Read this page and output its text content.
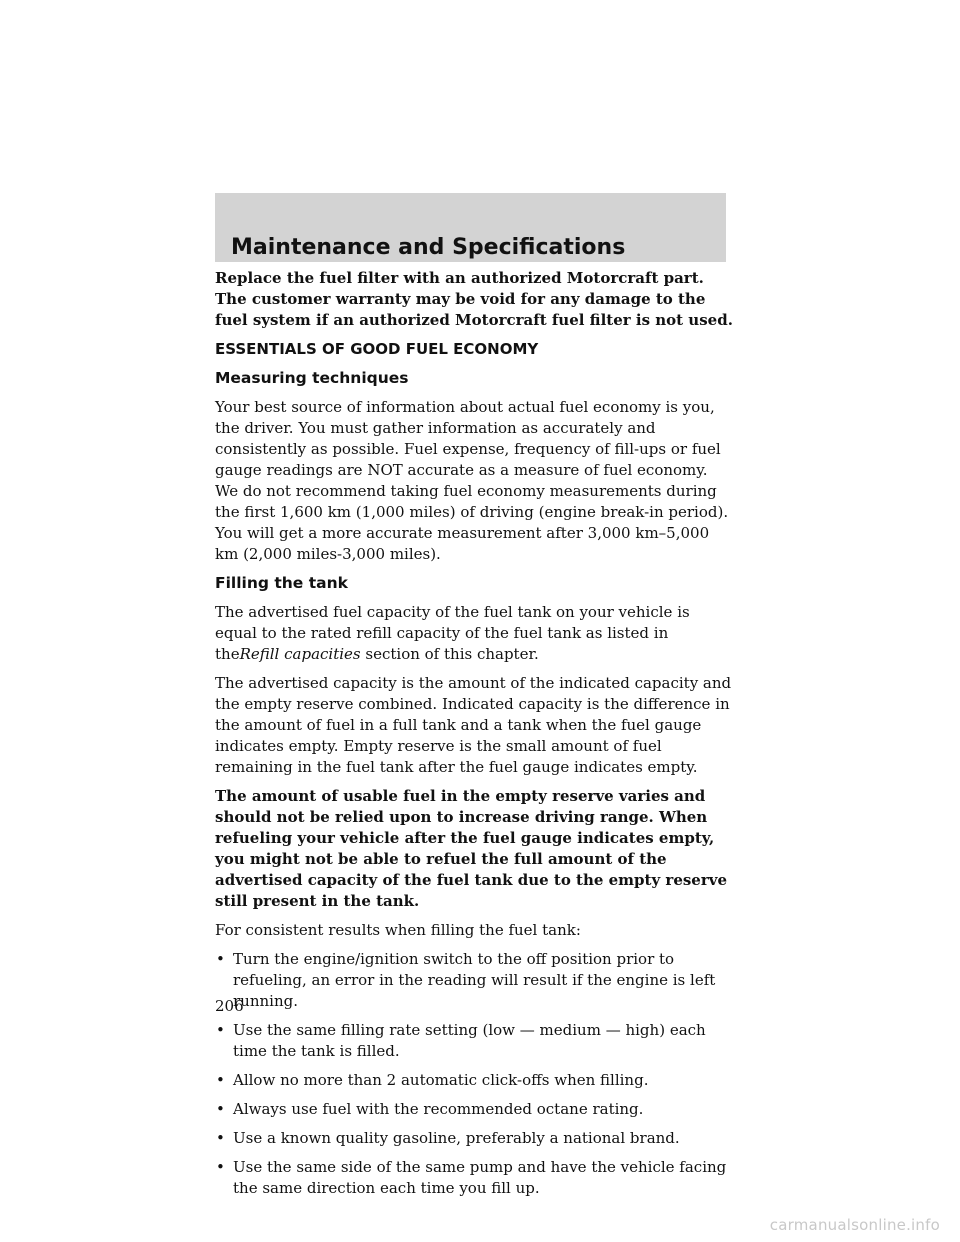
Maintenance and Specifications

Replace the fuel filter with an authorized Motorcraft part. The customer warranty may be void for any damage to the fuel system if an authorized Motorcraft fuel filter is not used.

ESSENTIALS OF GOOD FUEL ECONOMY
Measuring techniques

Your best source of information about actual fuel economy is you, the driver. You must gather information as accurately and consistently as possible. Fuel expense, frequency of fill-ups or fuel gauge readings are NOT accurate as a measure of fuel economy. We do not recommend taking fuel economy measurements during the first 1,600 km (1,000 miles) of driving (engine break-in period). You will get a more accurate measurement after 3,000 km–5,000 km (2,000 miles-3,000 miles).

Filling the tank

The advertised fuel capacity of the fuel tank on your vehicle is equal to the rated refill capacity of the fuel tank as listed in theRefill capacities section of this chapter.

The advertised capacity is the amount of the indicated capacity and the empty reserve combined. Indicated capacity is the difference in the amount of fuel in a full tank and a tank when the fuel gauge indicates empty. Empty reserve is the small amount of fuel remaining in the fuel tank after the fuel gauge indicates empty.

The amount of usable fuel in the empty reserve varies and should not be relied upon to increase driving range. When refueling your vehicle after the fuel gauge indicates empty, you might not be able to refuel the full amount of the advertised capacity of the fuel tank due to the empty reserve still present in the tank.

For consistent results when filling the fuel tank:

• Turn the engine/ignition switch to the off position prior to refueling, an error in the reading will result if the engine is left running.
• Use the same filling rate setting (low — medium — high) each time the tank is filled.
• Allow no more than 2 automatic click-offs when filling.
• Always use fuel with the recommended octane rating.
• Use a known quality gasoline, preferably a national brand.
• Use the same side of the same pump and have the vehicle facing the same direction each time you fill up.
206
carmanualsonline.info
